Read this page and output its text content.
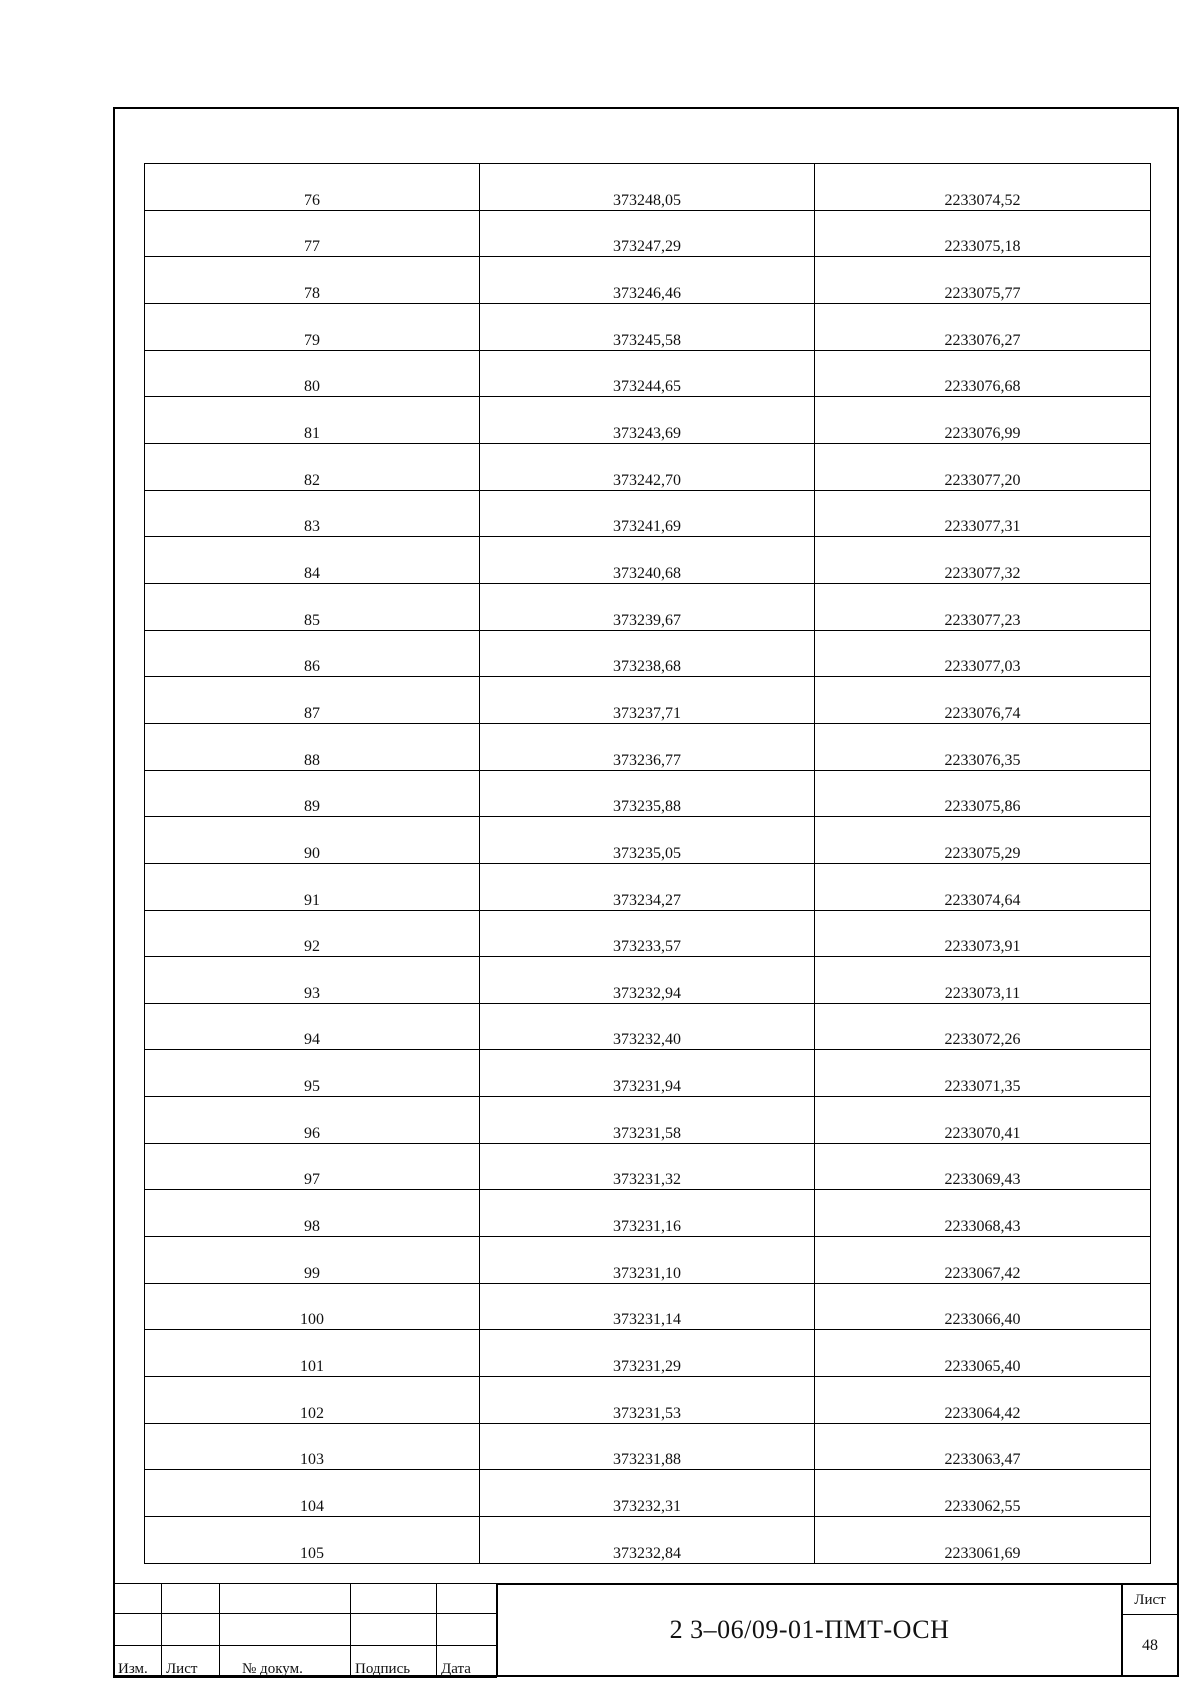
76	373248,05	2233074,52
77	373247,29	2233075,18
78	373246,46	2233075,77
79	373245,58	2233076,27
80	373244,65	2233076,68
81	373243,69	2233076,99
82	373242,70	2233077,20
83	373241,69	2233077,31
84	373240,68	2233077,32
85	373239,67	2233077,23
86	373238,68	2233077,03
87	373237,71	2233076,74
88	373236,77	2233076,35
89	373235,88	2233075,86
90	373235,05	2233075,29
91	373234,27	2233074,64
92	373233,57	2233073,91
93	373232,94	2233073,11
94	373232,40	2233072,26
95	373231,94	2233071,35
96	373231,58	2233070,41
97	373231,32	2233069,43
98	373231,16	2233068,43
99	373231,10	2233067,42
100	373231,14	2233066,40
101	373231,29	2233065,40
102	373231,53	2233064,42
103	373231,88	2233063,47
104	373232,31	2233062,55
105	373232,84	2233061,69

Изм.	Лист	№ докум.	Подпись	Дата
2 3–06/09-01-ПМТ-ОСН
Лист
48
